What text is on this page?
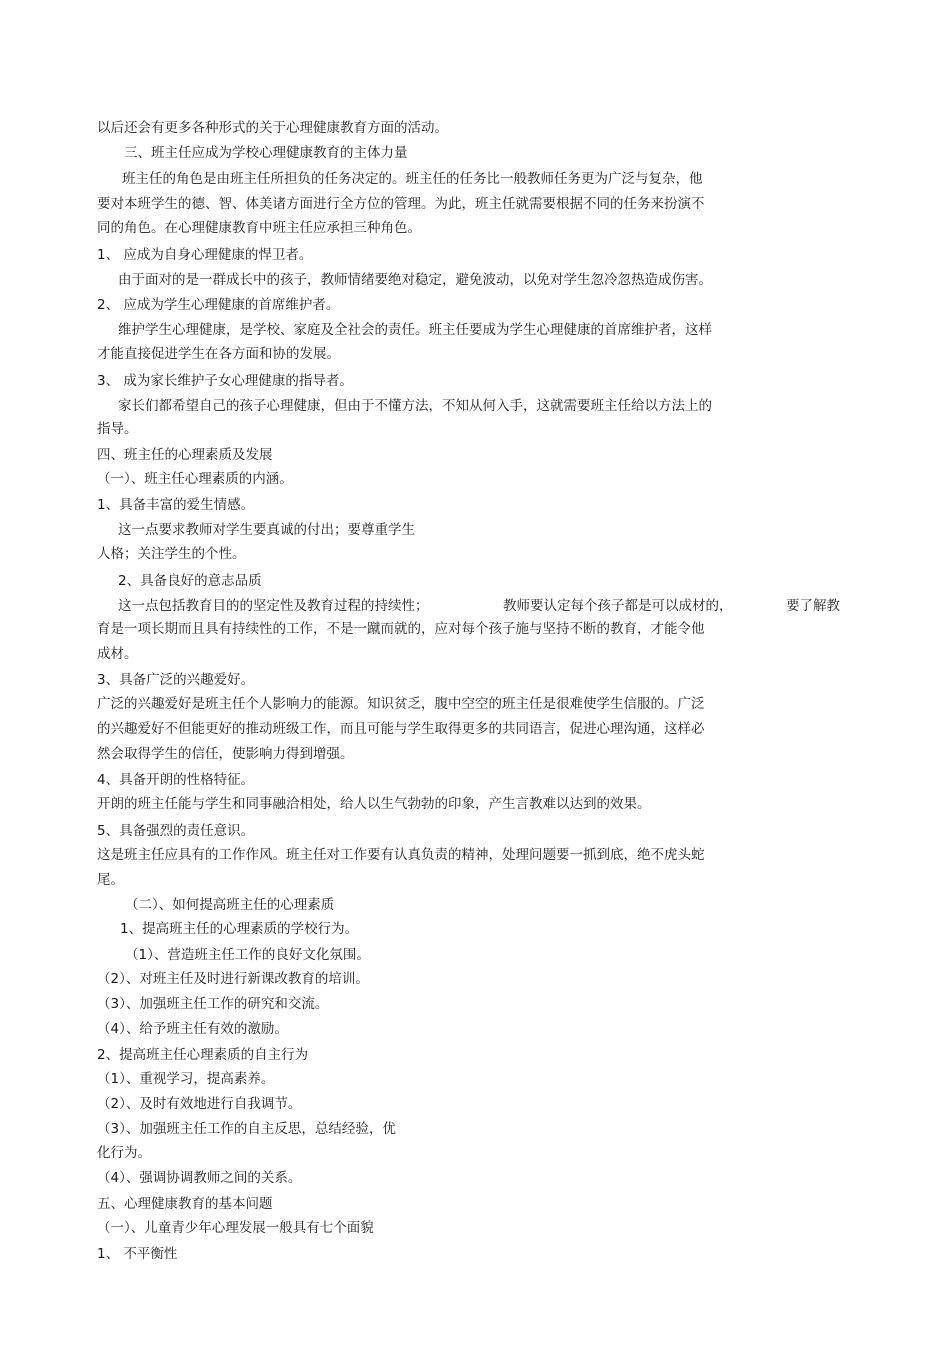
以后还会有更多各种形式的关于心理健康教育方面的活动。
三、班主任应成为学校心理健康教育的主体力量
班主任的角色是由班主任所担负的任务决定的。班主任的任务比一般教师任务更为广泛与复杂，他
要对本班学生的德、智、体美诸方面进行全方位的管理。为此，班主任就需要根据不同的任务来扮演不
同的角色。在心理健康教育中班主任应承担三种角色。
1、 应成为自身心理健康的悍卫者。
由于面对的是一群成长中的孩子，教师情绪要绝对稳定，避免波动，以免对学生忽冷忽热造成伤害。
2、 应成为学生心理健康的首席维护者。
维护学生心理健康，是学校、家庭及全社会的责任。班主任要成为学生心理健康的首席维护者，这样
才能直接促进学生在各方面和协的发展。
3、 成为家长维护子女心理健康的指导者。
家长们都希望自己的孩子心理健康，但由于不懂方法，不知从何入手，这就需要班主任给以方法上的
指导。
四、班主任的心理素质及发展
（一）、班主任心理素质的内涵。
1、具备丰富的爱生情感。
这一点要求教师对学生要真诚的付出；要尊重学生
人格；关注学生的个性。
2、具备良好的意志品质
这一点包括教育目的的坚定性及教育过程的持续性；	教师要认定每个孩子都是可以成材的，	要了解教
育是一项长期而且具有持续性的工作，不是一蹴而就的，应对每个孩子施与坚持不断的教育，才能令他
成材。
3、具备广泛的兴趣爱好。
广泛的兴趣爱好是班主任个人影响力的能源。知识贫乏，腹中空空的班主任是很难使学生信服的。广泛
的兴趣爱好不但能更好的推动班级工作，而且可能与学生取得更多的共同语言，促进心理沟通，这样必
然会取得学生的信任，使影响力得到增强。
4、具备开朗的性格特征。
开朗的班主任能与学生和同事融洽相处，给人以生气勃勃的印象，产生言教难以达到的效果。
5、具备强烈的责任意识。
这是班主任应具有的工作作风。班主任对工作要有认真负责的精神，处理问题要一抓到底，绝不虎头蛇
尾。
（二）、如何提高班主任的心理素质
1、提高班主任的心理素质的学校行为。
（1）、营造班主任工作的良好文化氛围。
（2）、对班主任及时进行新课改教育的培训。
（3）、加强班主任工作的研究和交流。
（4）、给予班主任有效的激励。
2、提高班主任心理素质的自主行为
（1）、重视学习，提高素养。
（2）、及时有效地进行自我调节。
（3）、加强班主任工作的自主反思，总结经验，优
化行为。
（4）、强调协调教师之间的关系。
五、心理健康教育的基本问题
（一）、儿童青少年心理发展一般具有七个面貌
1、 不平衡性
